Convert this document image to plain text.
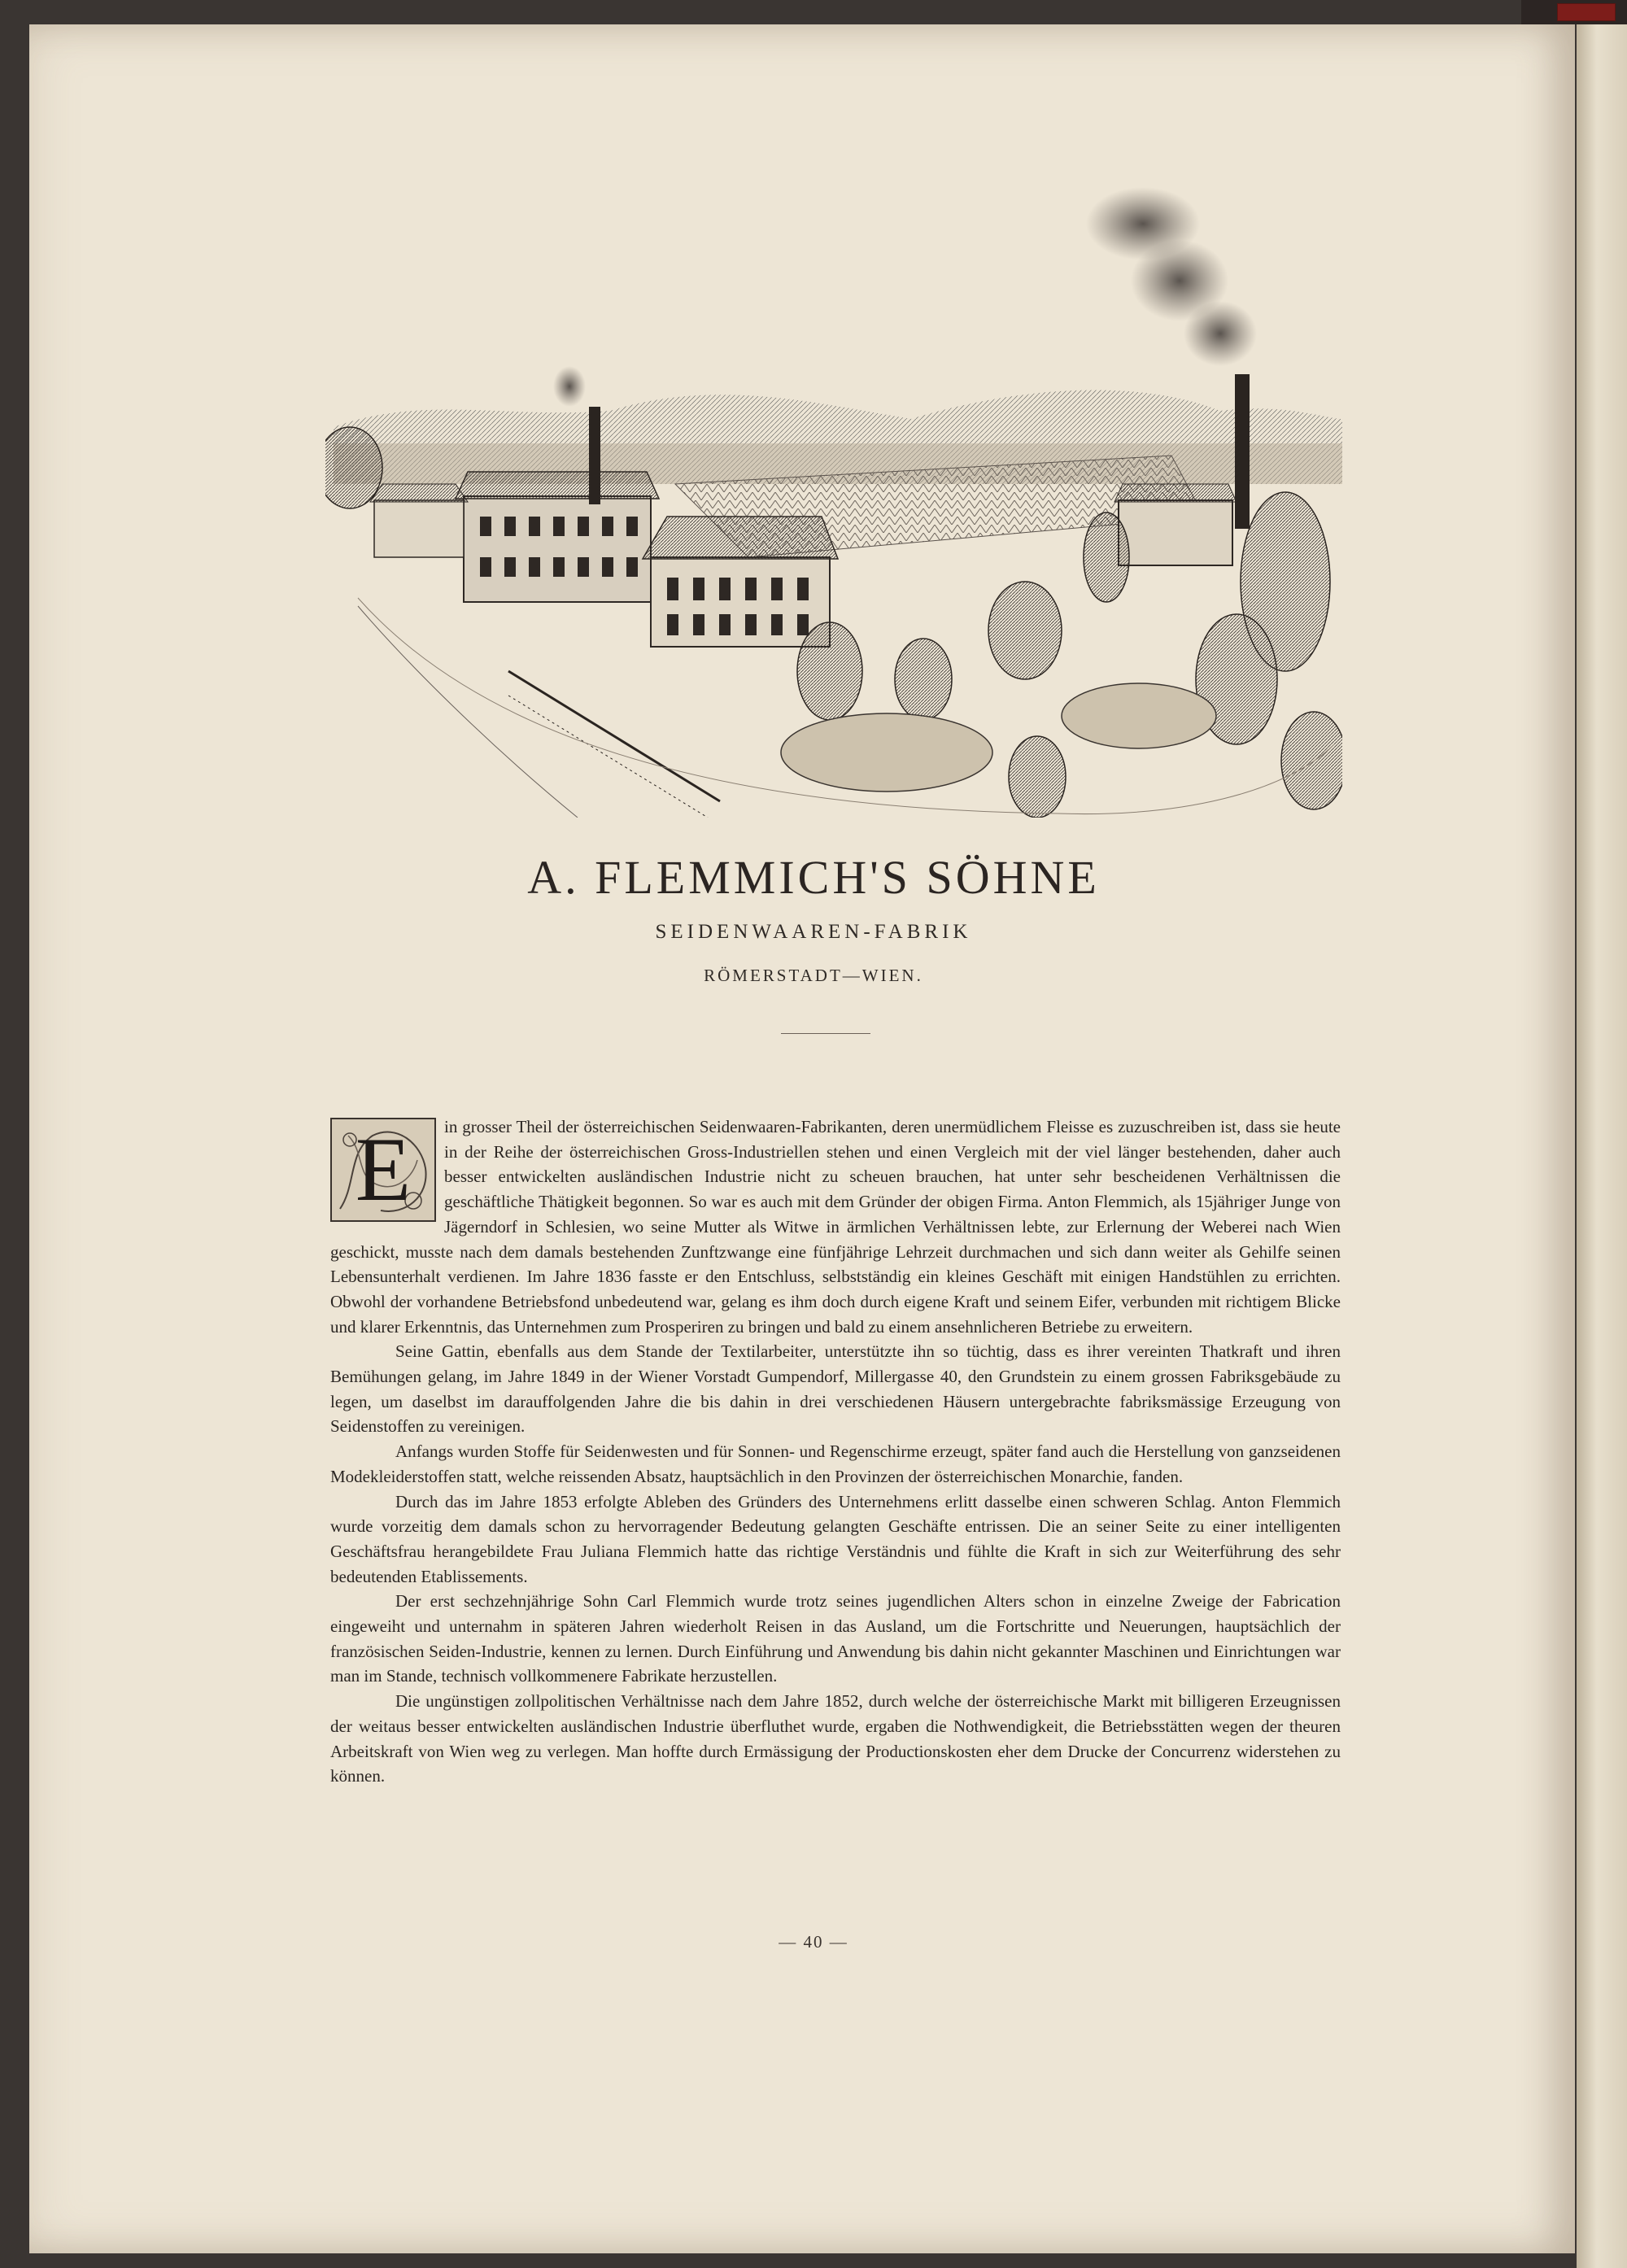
A. FLEMMICH'S SÖHNE
SEIDENWAAREN-FABRIK
RÖMERSTADT—WIEN.
E	in grosser Theil der österreichischen Seidenwaaren-Fabrikanten, deren unermüdlichem Fleisse es zuzuschreiben ist, dass sie heute in der Reihe der österreichischen Gross-Industriellen stehen und einen Vergleich mit der viel länger bestehenden, daher auch besser entwickelten ausländischen Industrie nicht zu scheuen brauchen, hat unter sehr bescheidenen Verhältnissen die geschäftliche Thätigkeit begonnen. So war es auch mit dem Gründer der obigen Firma. Anton Flemmich, als 15jähriger Junge von Jägerndorf in Schlesien, wo seine Mutter als Witwe in ärmlichen Verhältnissen lebte, zur Erlernung der Weberei nach Wien geschickt, musste nach dem damals bestehenden Zunftzwange eine fünfjährige Lehrzeit durchmachen und sich dann weiter als Gehilfe seinen Lebensunterhalt verdienen. Im Jahre 1836 fasste er den Entschluss, selbstständig ein kleines Geschäft mit einigen Handstühlen zu errichten. Obwohl der vorhandene Betriebsfond unbedeutend war, gelang es ihm doch durch eigene Kraft und seinem Eifer, verbunden mit richtigem Blicke und klarer Erkenntnis, das Unternehmen zum Prosperiren zu bringen und bald zu einem ansehnlicheren Betriebe zu erweitern.

Seine Gattin, ebenfalls aus dem Stande der Textilarbeiter, unterstützte ihn so tüchtig, dass es ihrer vereinten Thatkraft und ihren Bemühungen gelang, im Jahre 1849 in der Wiener Vorstadt Gumpendorf, Millergasse 40, den Grundstein zu einem grossen Fabriksgebäude zu legen, um daselbst im darauffolgenden Jahre die bis dahin in drei verschiedenen Häusern untergebrachte fabriksmässige Erzeugung von Seidenstoffen zu vereinigen.

Anfangs wurden Stoffe für Seidenwesten und für Sonnen- und Regenschirme erzeugt, später fand auch die Herstellung von ganzseidenen Modekleiderstoffen statt, welche reissenden Absatz, hauptsächlich in den Provinzen der österreichischen Monarchie, fanden.

Durch das im Jahre 1853 erfolgte Ableben des Gründers des Unternehmens erlitt dasselbe einen schweren Schlag. Anton Flemmich wurde vorzeitig dem damals schon zu hervorragender Bedeutung gelangten Geschäfte entrissen. Die an seiner Seite zu einer intelligenten Geschäftsfrau herangebildete Frau Juliana Flemmich hatte das richtige Verständnis und fühlte die Kraft in sich zur Weiterführung des sehr bedeutenden Etablissements.

Der erst sechzehnjährige Sohn Carl Flemmich wurde trotz seines jugendlichen Alters schon in einzelne Zweige der Fabrication eingeweiht und unternahm in späteren Jahren wiederholt Reisen in das Ausland, um die Fortschritte und Neuerungen, hauptsächlich der französischen Seiden-Industrie, kennen zu lernen. Durch Einführung und Anwendung bis dahin nicht gekannter Maschinen und Einrichtungen war man im Stande, technisch vollkommenere Fabrikate herzustellen.

Die ungünstigen zollpolitischen Verhältnisse nach dem Jahre 1852, durch welche der österreichische Markt mit billigeren Erzeugnissen der weitaus besser entwickelten ausländischen Industrie überfluthet wurde, ergaben die Nothwendigkeit, die Betriebsstätten wegen der theuren Arbeitskraft von Wien weg zu verlegen. Man hoffte durch Ermässigung der Productionskosten eher dem Drucke der Concurrenz widerstehen zu können.

— 40 —
